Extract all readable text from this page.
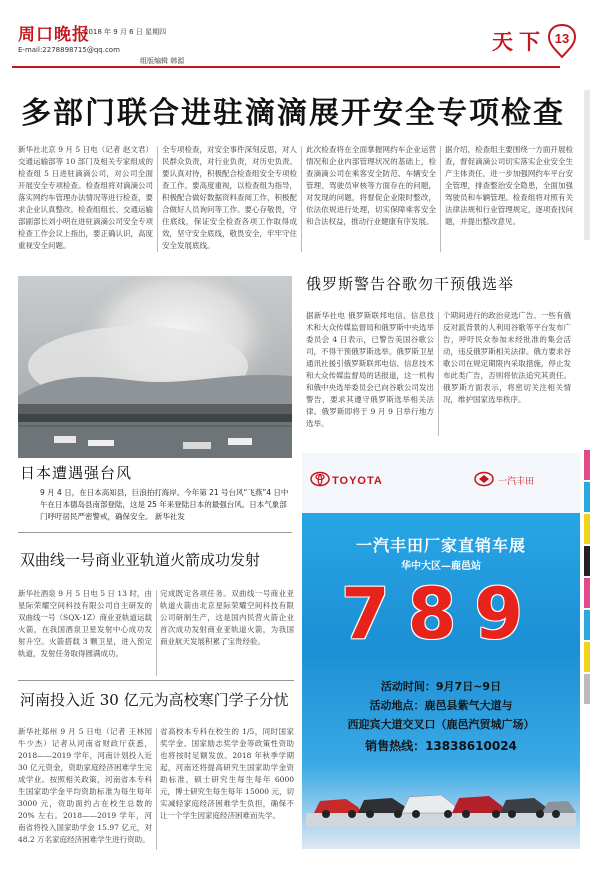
周口晚报
2018 年 9 月 6 日 星期四
E-mail:2278898715@qq.com
组版编辑 韩源
天下 13
多部门联合进驻滴滴展开安全专项检查
新华社北京 9 月 5 日电（记者 赵文君）交通运输部等 10 部门及相关专家组成的检查组 5 日进驻滴滴公司，对公司全面开展安全专项检查。检查组将对滴滴公司落实网约车管理办法情况等进行检查，要求企业认真整改。检查组组长、交通运输部副部长刘小明在进驻滴滴公司安全专项检查工作会议上指出，要正确认识，高度重视安全问题。
全专项检查，对安全事件深刻反思，对人民群众负责，对行业负责，对历史负责。要认真对待，积极配合检查组安全专项检查工作。要高度重视，以检查组为指导，积极配合做好数据资料查阅工作，积极配合做好人员询问等工作。要心存敬畏，守住底线，保证安全检查各项工作取得成效，坚守安全底线，敬畏安全，牢牢守住安全发展底线。
此次检查将在全面掌握网约车企业运营情况和企业内部管理状况的基础上，检查滴滴公司在乘客安全防范、车辆安全管理、驾驶员审核等方面存在的问题，对发现的问题，将督促企业限时整改，依法依规进行处理，切实保障乘客安全和合法权益，推动行业健康有序发展。
据介绍，检查组主要围绕一方面开展检查，督促滴滴公司切实落实企业安全生产主体责任，进一步加强网约车平台安全管理，排查整治安全隐患，全面加强驾驶员和车辆管理。检查组将对照有关法律法规和行业管理规定，逐项查找问题，并提出整改意见。
日本遭遇强台风
9 月 4 日，在日本高知县，巨浪拍打海岸。今年第 21 号台风“飞燕”4 日中午在日本德岛县南部登陆，这是 25 年来登陆日本的最强台风。日本气象部门呼吁居民严密警戒，确保安全。 新华社发
俄罗斯警告谷歌勿干预俄选举
据新华社电 俄罗斯联邦电信、信息技术和大众传媒监督局和俄罗斯中央选举委员会 4 日表示，已警告美国谷歌公司，不得干预俄罗斯选举。俄罗斯卫星通讯社援引俄罗斯联邦电信、信息技术和大众传媒监督局的话报道，这一机构和俄中央选举委员会已向谷歌公司发出警告，要求其遵守俄罗斯选举相关法律。俄罗斯即将于 9 月 9 日举行地方选举。
个期间进行的政治竞选广告。一些有俄反对派背景的人利用谷歌等平台发布广告，呼吁民众参加未经批准的集会活动，违反俄罗斯相关法律。俄方要求谷歌公司在规定期限内采取措施，停止发布此类广告，否则将依法追究其责任。俄罗斯方面表示，将密切关注相关情况，维护国家选举秩序。
双曲线一号商业亚轨道火箭成功发射
新华社酒泉 9 月 5 日电 5 日 13 时，由星际荣耀空间科技有限公司自主研发的双曲线一号（SQX-1Z）商业亚轨道运载火箭，在我国酒泉卫星发射中心成功发射升空。火箭搭载 3 颗卫星，进入预定轨道，发射任务取得圆满成功。
完成既定各项任务。双曲线一号商业亚轨道火箭由北京星际荣耀空间科技有限公司研制生产，这是国内民营火箭企业首次成功发射商业亚轨道火箭，为我国商业航天发展积累了宝贵经验。
河南投入近 30 亿元为高校寒门学子分忧
新华社郑州 9 月 5 日电（记者 王林园 牛少杰）记者从河南省财政厅获悉，2018——2019 学年，河南计划投入近 30 亿元资金，资助家庭经济困难学生完成学业。按照相关政策，河南省本专科生国家助学金平均资助标准为每生每年 3000 元，资助面约占在校生总数的 20% 左右。2018——2019 学年，河南省将投入国家助学金 15.97 亿元，对 48.2 万名家庭经济困难学生进行资助。
省高校本专科在校生的 1/5，同时国家奖学金、国家励志奖学金等政策性资助也将按时足额发放。2018 年秋季学期起，河南还将提高研究生国家助学金资助标准，硕士研究生每生每年 6000 元，博士研究生每生每年 15000 元，切实减轻家庭经济困难学生负担，确保不让一个学生因家庭经济困难而失学。
TOYOTA	一汽丰田
一汽丰田厂家直销车展
华中大区—鹿邑站
789
活动时间：9月7日~9日
活动地点：鹿邑县紫气大道与
西迎宾大道交叉口（鹿邑汽贸城广场）
销售热线：13838610024
